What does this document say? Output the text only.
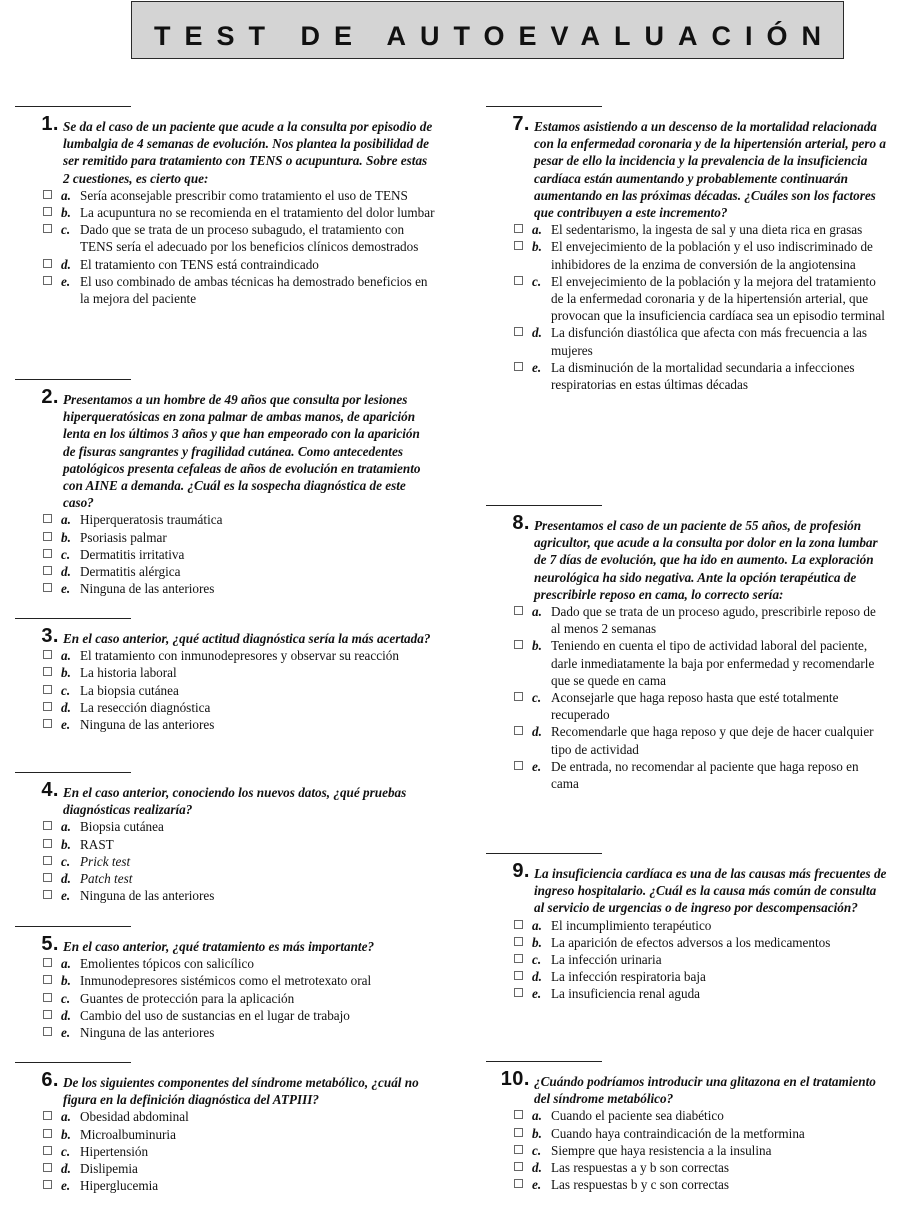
TEST DE AUTOEVALUACIÓN
1. Se da el caso de un paciente que acude a la consulta por episodio de lumbalgia de 4 semanas de evolución. Nos plantea la posibilidad de ser remitido para tratamiento con TENS o acupuntura. Sobre estas 2 cuestiones, es cierto que:
a. Sería aconsejable prescribir como tratamiento el uso de TENS
b. La acupuntura no se recomienda en el tratamiento del dolor lumbar
c. Dado que se trata de un proceso subagudo, el tratamiento con TENS sería el adecuado por los beneficios clínicos demostrados
d. El tratamiento con TENS está contraindicado
e. El uso combinado de ambas técnicas ha demostrado beneficios en la mejora del paciente
2. Presentamos a un hombre de 49 años que consulta por lesiones hiperqueratósicas en zona palmar de ambas manos, de aparición lenta en los últimos 3 años y que han empeorado con la aparición de fisuras sangrantes y fragilidad cutánea. Como antecedentes patológicos presenta cefaleas de años de evolución en tratamiento con AINE a demanda. ¿Cuál es la sospecha diagnóstica de este caso?
a. Hiperqueratosis traumática
b. Psoriasis palmar
c. Dermatitis irritativa
d. Dermatitis alérgica
e. Ninguna de las anteriores
3. En el caso anterior, ¿qué actitud diagnóstica sería la más acertada?
a. El tratamiento con inmunodepresores y observar su reacción
b. La historia laboral
c. La biopsia cutánea
d. La resección diagnóstica
e. Ninguna de las anteriores
4. En el caso anterior, conociendo los nuevos datos, ¿qué pruebas diagnósticas realizaría?
a. Biopsia cutánea
b. RAST
c. Prick test
d. Patch test
e. Ninguna de las anteriores
5. En el caso anterior, ¿qué tratamiento es más importante?
a. Emolientes tópicos con salicílico
b. Inmunodepresores sistémicos como el metrotexato oral
c. Guantes de protección para la aplicación
d. Cambio del uso de sustancias en el lugar de trabajo
e. Ninguna de las anteriores
6. De los siguientes componentes del síndrome metabólico, ¿cuál no figura en la definición diagnóstica del ATPIII?
a. Obesidad abdominal
b. Microalbuminuria
c. Hipertensión
d. Dislipemia
e. Hiperglucemia
7. Estamos asistiendo a un descenso de la mortalidad relacionada con la enfermedad coronaria y de la hipertensión arterial, pero a pesar de ello la incidencia y la prevalencia de la insuficiencia cardíaca están aumentando y probablemente continuarán aumentando en las próximas décadas. ¿Cuáles son los factores que contribuyen a este incremento?
a. El sedentarismo, la ingesta de sal y una dieta rica en grasas
b. El envejecimiento de la población y el uso indiscriminado de inhibidores de la enzima de conversión de la angiotensina
c. El envejecimiento de la población y la mejora del tratamiento de la enfermedad coronaria y de la hipertensión arterial, que provocan que la insuficiencia cardíaca sea un episodio terminal
d. La disfunción diastólica que afecta con más frecuencia a las mujeres
e. La disminución de la mortalidad secundaria a infecciones respiratorias en estas últimas décadas
8. Presentamos el caso de un paciente de 55 años, de profesión agricultor, que acude a la consulta por dolor en la zona lumbar de 7 días de evolución, que ha ido en aumento. La exploración neurológica ha sido negativa. Ante la opción terapéutica de prescribirle reposo en cama, lo correcto sería:
a. Dado que se trata de un proceso agudo, prescribirle reposo de al menos 2 semanas
b. Teniendo en cuenta el tipo de actividad laboral del paciente, darle inmediatamente la baja por enfermedad y recomendarle que se quede en cama
c. Aconsejarle que haga reposo hasta que esté totalmente recuperado
d. Recomendarle que haga reposo y que deje de hacer cualquier tipo de actividad
e. De entrada, no recomendar al paciente que haga reposo en cama
9. La insuficiencia cardíaca es una de las causas más frecuentes de ingreso hospitalario. ¿Cuál es la causa más común de consulta al servicio de urgencias o de ingreso por descompensación?
a. El incumplimiento terapéutico
b. La aparición de efectos adversos a los medicamentos
c. La infección urinaria
d. La infección respiratoria baja
e. La insuficiencia renal aguda
10. ¿Cuándo podríamos introducir una glitazona en el tratamiento del síndrome metabólico?
a. Cuando el paciente sea diabético
b. Cuando haya contraindicación de la metformina
c. Siempre que haya resistencia a la insulina
d. Las respuestas a y b son correctas
e. Las respuestas b y c son correctas
